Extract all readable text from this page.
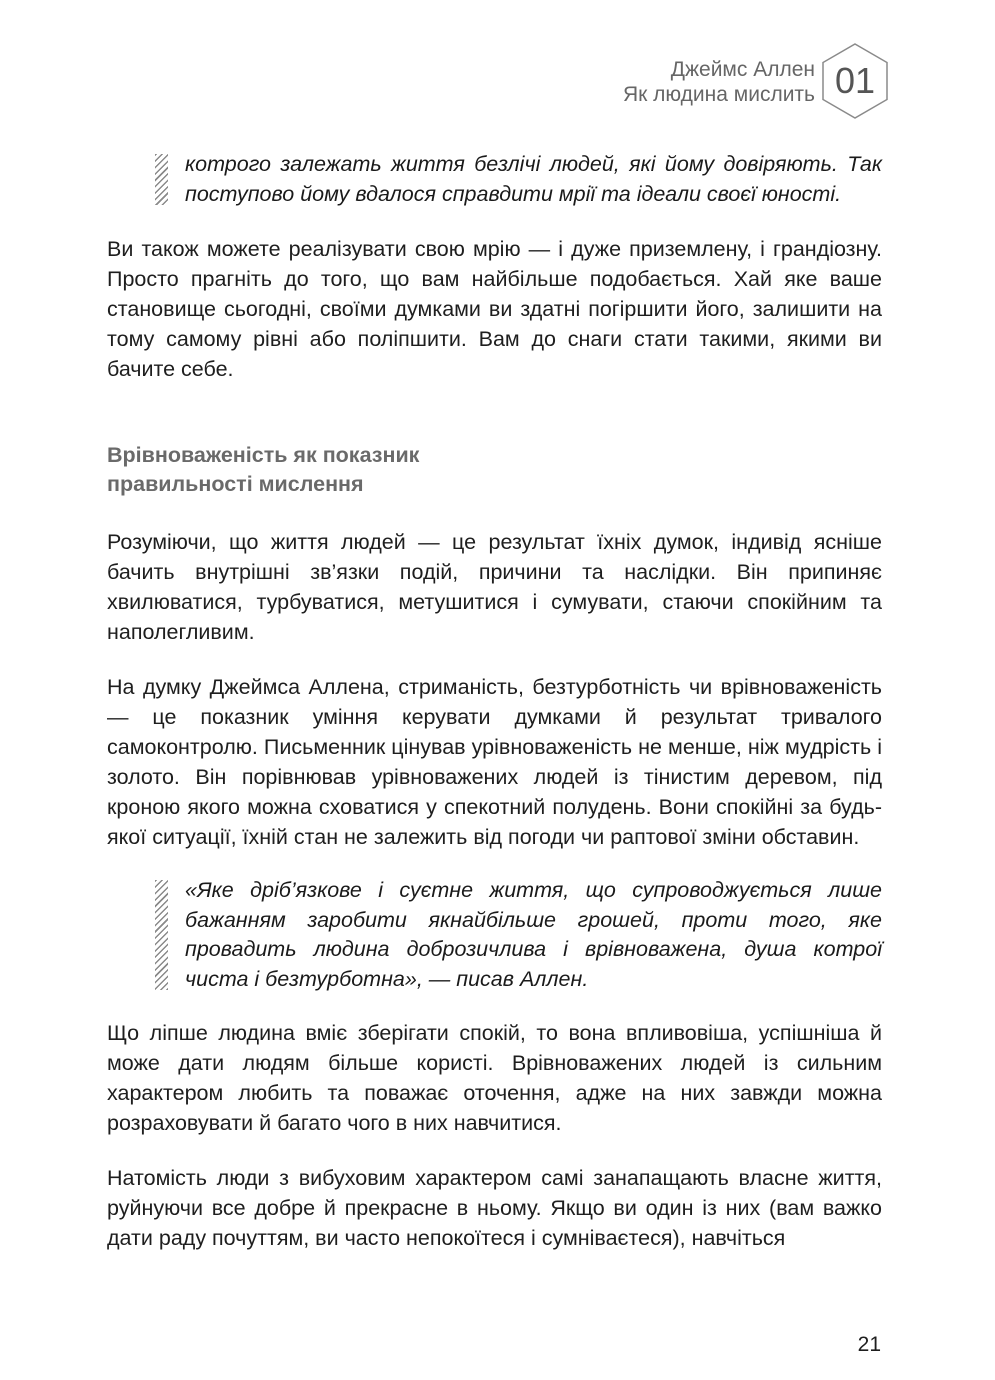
Джеймс Аллен
Як людина мислить 01
котрого залежать життя безлічі людей, які йому довіряють. Так поступово йому вдалося справдити мрії та ідеали своєї юності.

Ви також можете реалізувати свою мрію — і дуже приземлену, і грандіозну. Просто прагніть до того, що вам найбільше подобається. Хай яке ваше становище сьогодні, своїми думками ви здатні погіршити його, залишити на тому самому рівні або поліпшити. Вам до снаги стати такими, якими ви бачите себе.

Врівноваженість як показник

правильності мислення

Розуміючи, що життя людей — це результат їхніх думок, індивід ясніше бачить внутрішні зв’язки подій, причини та наслідки. Він припиняє хвилюватися, турбуватися, метушитися і сумувати, стаючи спокійним та наполегливим.

На думку Джеймса Аллена, стриманість, безтурботність чи врівноваженість — це показник уміння керувати думками й результат тривалого самоконтролю. Письменник цінував урівноваженість не менше, ніж мудрість і золото. Він порівнював урівноважених людей із тінистим деревом, під кроною якого можна сховатися у спекотний полудень. Вони спокійні за будь-якої ситуації, їхній стан не залежить від погоди чи раптової зміни обставин.

«Яке дріб’язкове і суєтне життя, що супроводжується лише бажанням заробити якнайбільше грошей, проти того, яке провадить людина доброзичлива і врівноважена, душа котрої чиста і безтурботна», — писав Аллен.

Що ліпше людина вміє зберігати спокій, то вона впливовіша, успішніша й може дати людям більше користі. Врівноважених людей із сильним характером любить та поважає оточення, адже на них завжди можна розраховувати й багато чого в них навчитися.

Натомість люди з вибуховим характером самі занапащають власне життя, руйнуючи все добре й прекрасне в ньому. Якщо ви один із них (вам важко дати раду почуттям, ви часто непокоїтеся і сумніваєтеся), навчіться

21
